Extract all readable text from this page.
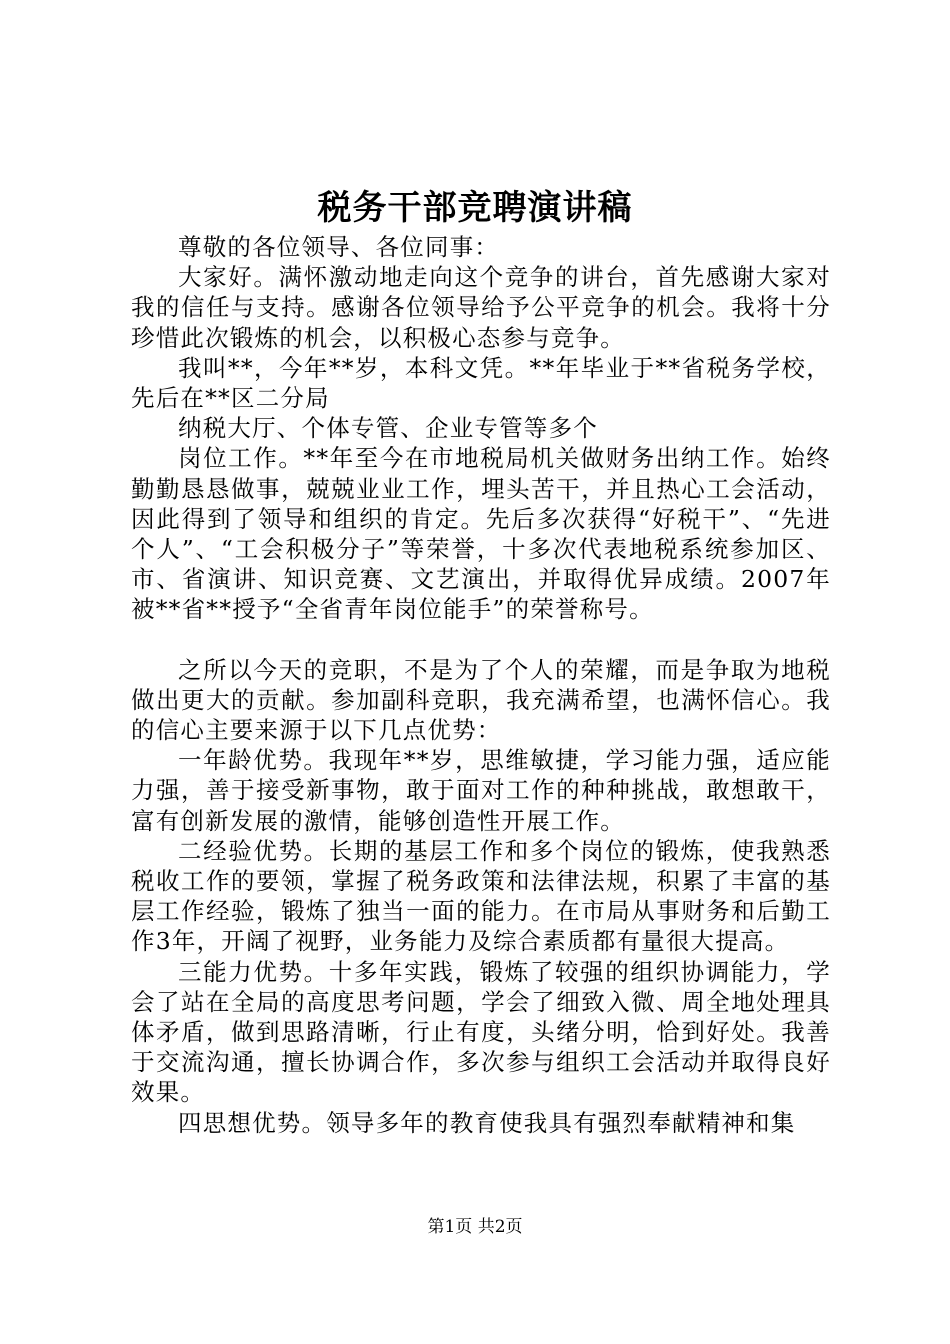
税务干部竞聘演讲稿

尊敬的各位领导、各位同事：

大家好。满怀激动地走向这个竞争的讲台，首先感谢大家对我的信任与支持。感谢各位领导给予公平竞争的机会。我将十分珍惜此次锻炼的机会，以积极心态参与竞争。

我叫**，今年**岁，本科文凭。**年毕业于**省税务学校，先后在**区二分局

纳税大厅、个体专管、企业专管等多个

岗位工作。**年至今在市地税局机关做财务出纳工作。始终勤勤恳恳做事，兢兢业业工作，埋头苦干，并且热心工会活动，因此得到了领导和组织的肯定。先后多次获得“好税干”、“先进个人”、“工会积极分子”等荣誉，十多次代表地税系统参加区、市、省演讲、知识竞赛、文艺演出，并取得优异成绩。2007年被**省**授予“全省青年岗位能手”的荣誉称号。

之所以今天的竞职，不是为了个人的荣耀，而是争取为地税做出更大的贡献。参加副科竞职，我充满希望，也满怀信心。我的信心主要来源于以下几点优势：

一年龄优势。我现年**岁，思维敏捷，学习能力强，适应能力强，善于接受新事物，敢于面对工作的种种挑战，敢想敢干，富有创新发展的激情，能够创造性开展工作。

二经验优势。长期的基层工作和多个岗位的锻炼，使我熟悉税收工作的要领，掌握了税务政策和法律法规，积累了丰富的基层工作经验，锻炼了独当一面的能力。在市局从事财务和后勤工作3年，开阔了视野，业务能力及综合素质都有量很大提高。

三能力优势。十多年实践，锻炼了较强的组织协调能力，学会了站在全局的高度思考问题，学会了细致入微、周全地处理具体矛盾，做到思路清晰，行止有度，头绪分明，恰到好处。我善于交流沟通，擅长协调合作，多次参与组织工会活动并取得良好效果。

四思想优势。领导多年的教育使我具有强烈奉献精神和集

第1页 共2页
